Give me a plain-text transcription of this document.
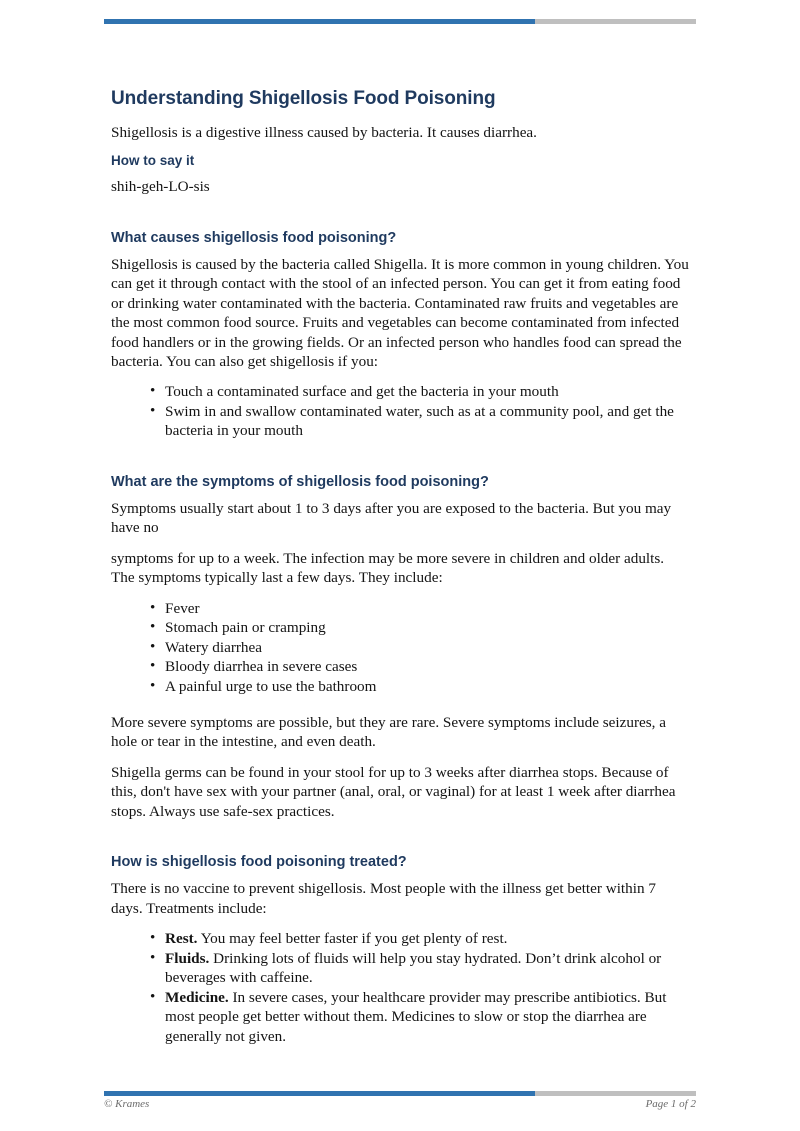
Understanding Shigellosis Food Poisoning

Shigellosis is a digestive illness caused by bacteria. It causes diarrhea.

How to say it

shih-geh-LO-sis

What causes shigellosis food poisoning?

Shigellosis is caused by the bacteria called Shigella. It is more common in young children. You can get it through contact with the stool of an infected person. You can get it from eating food or drinking water contaminated with the bacteria. Contaminated raw fruits and vegetables are the most common food source. Fruits and vegetables can become contaminated from infected food handlers or in the growing fields. Or an infected person who handles food can spread the bacteria. You can also get shigellosis if you:

• Touch a contaminated surface and get the bacteria in your mouth
• Swim in and swallow contaminated water, such as at a community pool, and get the bacteria in your mouth
What are the symptoms of shigellosis food poisoning?

Symptoms usually start about 1 to 3 days after you are exposed to the bacteria. But you may have no

symptoms for up to a week. The infection may be more severe in children and older adults. The symptoms typically last a few days. They include:

• Fever
• Stomach pain or cramping
• Watery diarrhea
• Bloody diarrhea in severe cases
• A painful urge to use the bathroom

More severe symptoms are possible, but they are rare. Severe symptoms include seizures, a hole or tear in the intestine, and even death.

Shigella germs can be found in your stool for up to 3 weeks after diarrhea stops. Because of this, don't have sex with your partner (anal, oral, or vaginal) for at least 1 week after diarrhea stops. Always use safe-sex practices.

How is shigellosis food poisoning treated?

There is no vaccine to prevent shigellosis. Most people with the illness get better within 7 days. Treatments include:

• Rest. You may feel better faster if you get plenty of rest.
• Fluids. Drinking lots of fluids will help you stay hydrated. Don’t drink alcohol or beverages with caffeine.
• Medicine. In severe cases, your healthcare provider may prescribe antibiotics. But most people get better without them. Medicines to slow or stop the diarrhea are generally not given.
© Krames	Page 1 of 2
